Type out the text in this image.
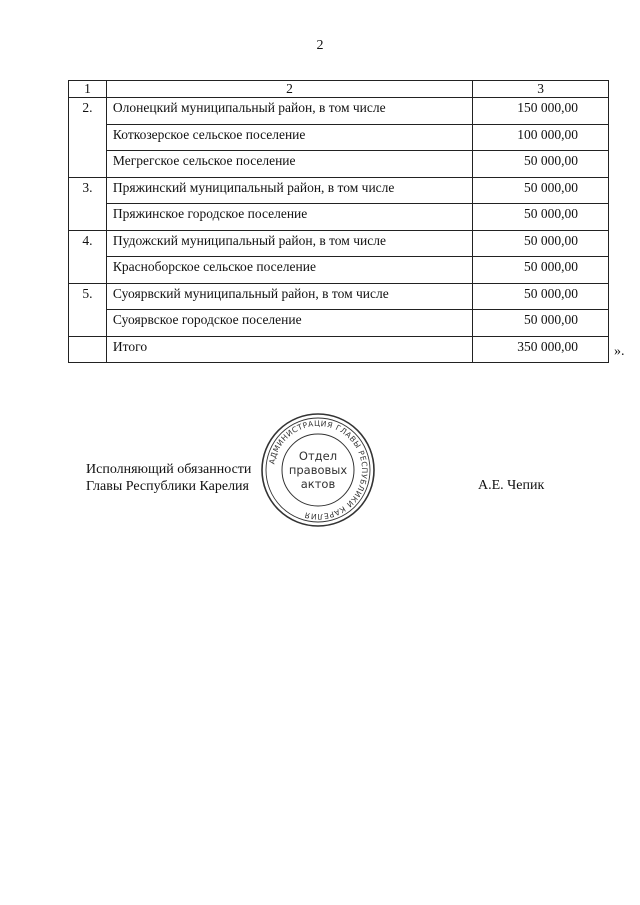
2
1	2	3
2.	Олонецкий муниципальный район, в том числе	150 000,00
	Коткозерское сельское поселение	100 000,00
	Мегрегское сельское поселение	50 000,00
3.	Пряжинский муниципальный район, в том числе	50 000,00
	Пряжинское городское поселение	50 000,00
4.	Пудожский муниципальный район, в том числе	50 000,00
	Красноборское сельское поселение	50 000,00
5.	Суоярвский муниципальный район, в том числе	50 000,00
	Суоярвское городское поселение	50 000,00
	Итого	350 000,00	».
Исполняющий обязанности
Главы Республики Карелия	А.Е. Чепик
АДМИНИСТРАЦИЯ ГЛАВЫ РЕСПУБЛИКИ КАРЕЛИЯ
Отдел
правовых
актов
